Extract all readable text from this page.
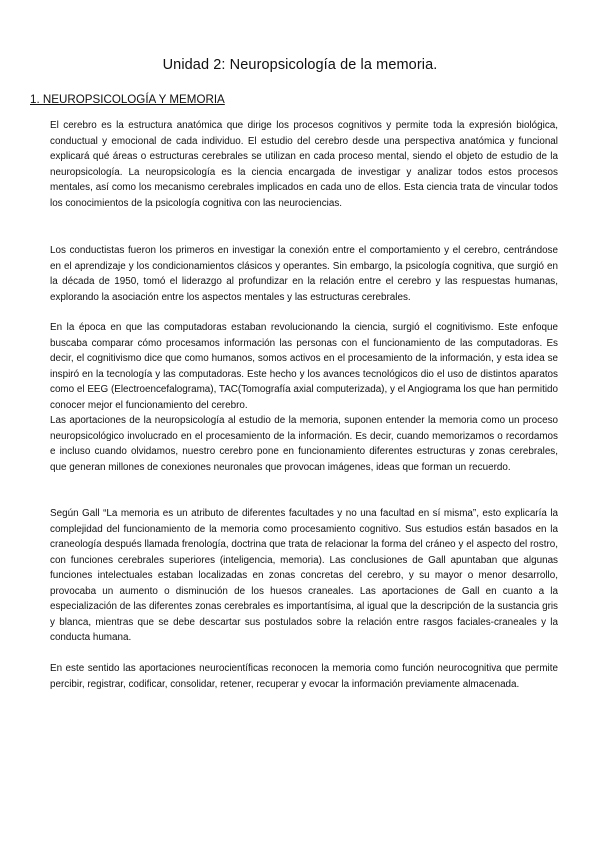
Unidad 2: Neuropsicología de la memoria.
1. NEUROPSICOLOGÍA Y MEMORIA

El cerebro es la estructura anatómica que dirige los procesos cognitivos y permite toda la expresión biológica, conductual y emocional de cada individuo. El estudio del cerebro desde una perspectiva anatómica y funcional explicará qué áreas o estructuras cerebrales se utilizan en cada proceso mental, siendo el objeto de estudio de la neuropsicología. La neuropsicología es la ciencia encargada de investigar y analizar todos estos procesos mentales, así como los mecanismo cerebrales implicados en cada uno de ellos. Esta ciencia trata de vincular todos los conocimientos de la psicología cognitiva con las neurociencias.

Los conductistas fueron los primeros en investigar la conexión entre el comportamiento y el cerebro, centrándose en el aprendizaje y los condicionamientos clásicos y operantes. Sin embargo, la psicología cognitiva, que surgió en la década de 1950, tomó el liderazgo al profundizar en la relación entre el cerebro y las respuestas humanas, explorando la asociación entre los aspectos mentales y las estructuras cerebrales.

En la época en que las computadoras estaban revolucionando la ciencia, surgió el cognitivismo. Este enfoque buscaba comparar cómo procesamos información las personas con el funcionamiento de las computadoras. Es decir, el cognitivismo dice que como humanos, somos activos en el procesamiento de la información, y esta idea se inspiró en la tecnología y las computadoras. Este hecho y los avances tecnológicos dio el uso de distintos aparatos como el EEG (Electroencefalograma), TAC(Tomografía axial computerizada), y el Angiograma los que han permitido conocer mejor el funcionamiento del cerebro.

Las aportaciones de la neuropsicología al estudio de la memoria, suponen entender la memoria como un proceso neuropsicológico involucrado en el procesamiento de la información. Es decir, cuando memorizamos o recordamos e incluso cuando olvidamos, nuestro cerebro pone en funcionamiento diferentes estructuras y zonas cerebrales, que generan millones de conexiones neuronales que provocan imágenes, ideas que forman un recuerdo.

Según Gall “La memoria es un atributo de diferentes facultades y no una facultad en sí misma”, esto explicaría la complejidad del funcionamiento de la memoria como procesamiento cognitivo. Sus estudios están basados en la craneología después llamada frenología, doctrina que trata de relacionar la forma del cráneo y el aspecto del rostro, con funciones cerebrales superiores (inteligencia, memoria). Las conclusiones de Gall apuntaban que algunas funciones intelectuales estaban localizadas en zonas concretas del cerebro, y su mayor o menor desarrollo, provocaba un aumento o disminución de los huesos craneales. Las aportaciones de Gall en cuanto a la especialización de las diferentes zonas cerebrales es importantísima, al igual que la descripción de la sustancia gris y blanca, mientras que se debe descartar sus postulados sobre la relación entre rasgos faciales-craneales y la conducta humana.

En este sentido las aportaciones neurocientíficas reconocen la memoria como función neurocognitiva que permite percibir, registrar, codificar, consolidar, retener, recuperar y evocar la información previamente almacenada.
